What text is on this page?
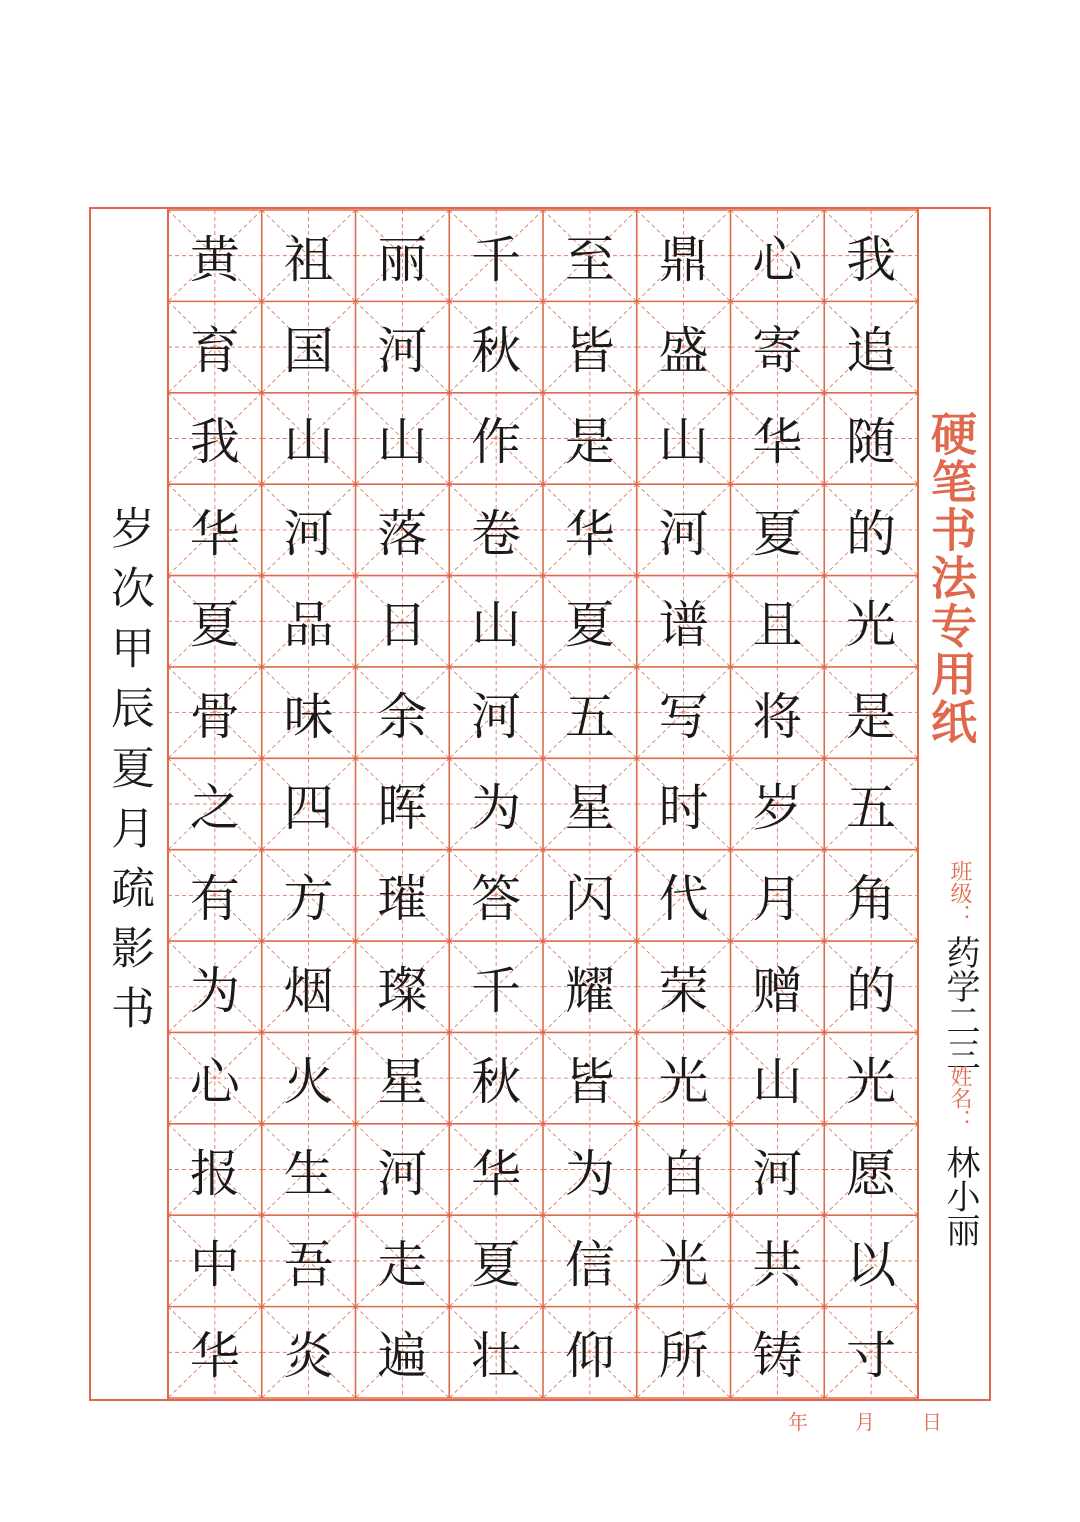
我
追
随
的
光
是
五
角
的
光
愿
以
寸
心
寄
华
夏
且
将
岁
月
赠
山
河
共
铸
鼎
盛
山
河
谱
写
时
代
荣
光
自
光
所
至
皆
是
华
夏
五
星
闪
耀
皆
为
信
仰
千
秋
作
卷
山
河
为
答
千
秋
华
夏
壮
丽
河
山
落
日
余
晖
璀
璨
星
河
走
遍
祖
国
山
河
品
味
四
方
烟
火
生
吾
炎
黄
育
我
华
夏
骨
之
有
为
心
报
中
华
硬笔书法专用纸
岁次甲辰夏月疏影书	班级：
药学二三
姓名：
林小丽
年 月 日
